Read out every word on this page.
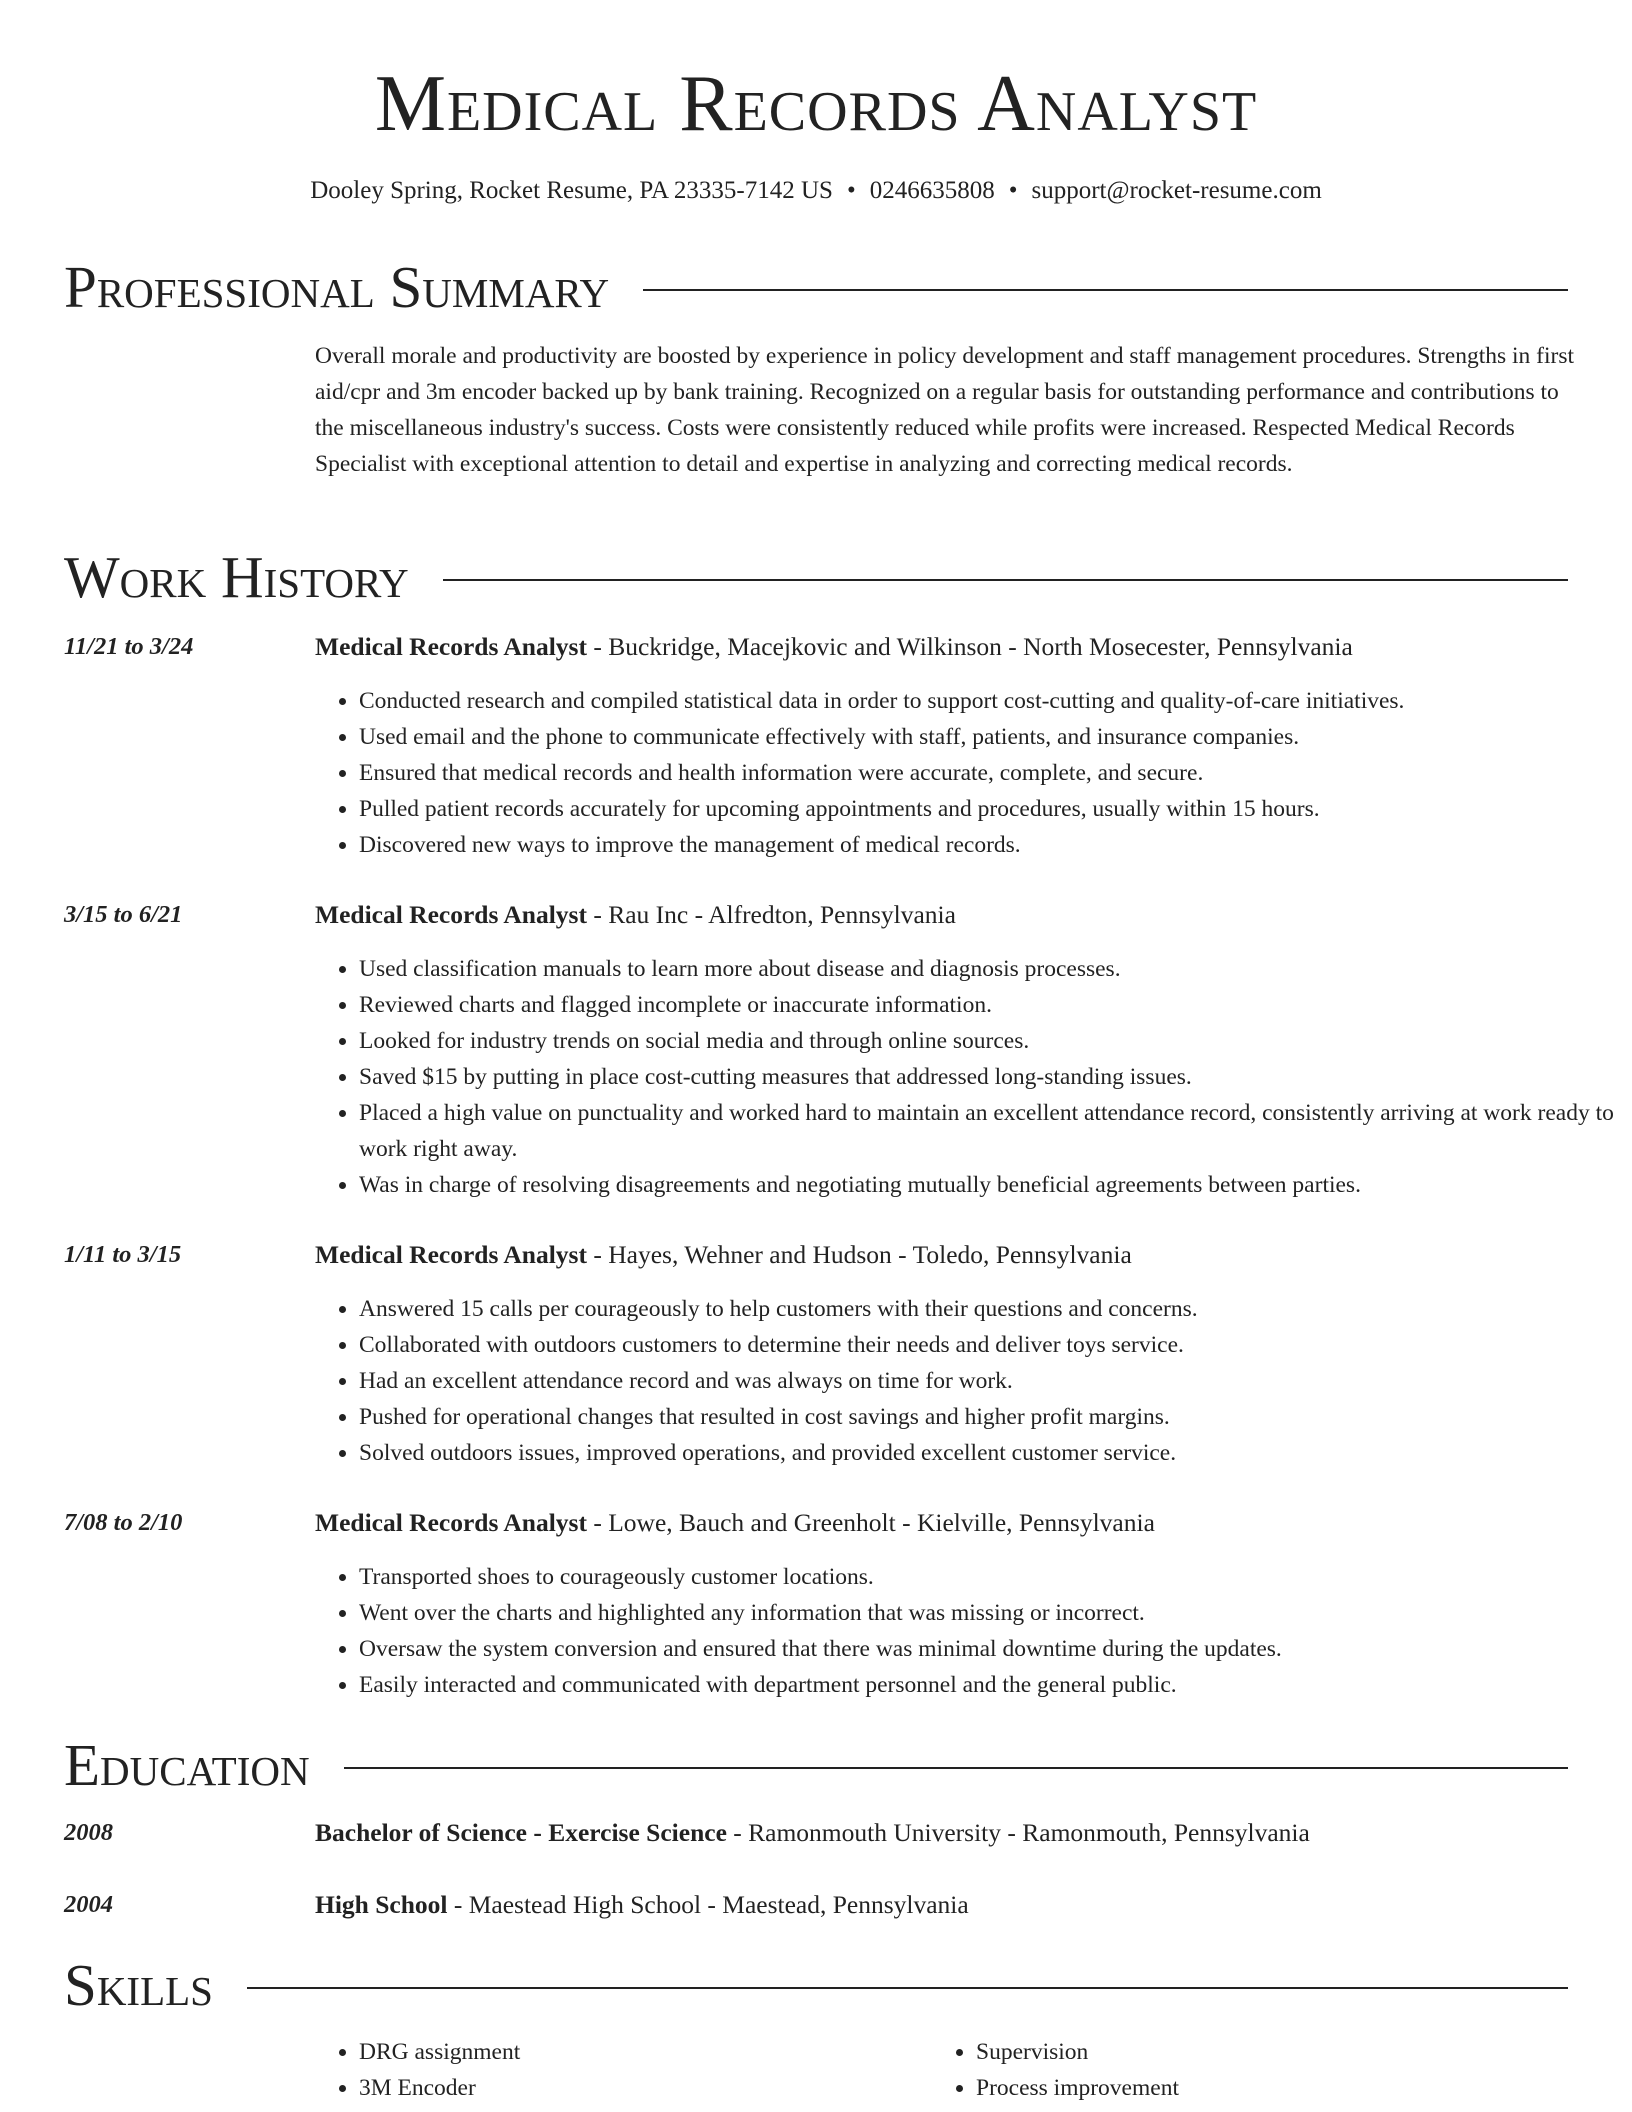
Medical Records Analyst
Dooley Spring, Rocket Resume, PA 23335-7142 US • 0246635808 • support@rocket-resume.com
Professional Summary
Overall morale and productivity are boosted by experience in policy development and staff management procedures. Strengths in first aid/cpr and 3m encoder backed up by bank training. Recognized on a regular basis for outstanding performance and contributions to the miscellaneous industry's success. Costs were consistently reduced while profits were increased. Respected Medical Records Specialist with exceptional attention to detail and expertise in analyzing and correcting medical records.
Work History
11/21 to 3/24	Medical Records Analyst - Buckridge, Macejkovic and Wilkinson - North Mosecester, Pennsylvania
• Conducted research and compiled statistical data in order to support cost-cutting and quality-of-care initiatives.
• Used email and the phone to communicate effectively with staff, patients, and insurance companies.
• Ensured that medical records and health information were accurate, complete, and secure.
• Pulled patient records accurately for upcoming appointments and procedures, usually within 15 hours.
• Discovered new ways to improve the management of medical records.
3/15 to 6/21	Medical Records Analyst - Rau Inc - Alfredton, Pennsylvania
• Used classification manuals to learn more about disease and diagnosis processes.
• Reviewed charts and flagged incomplete or inaccurate information.
• Looked for industry trends on social media and through online sources.
• Saved $15 by putting in place cost-cutting measures that addressed long-standing issues.
• Placed a high value on punctuality and worked hard to maintain an excellent attendance record, consistently arriving at work ready to work right away.
• Was in charge of resolving disagreements and negotiating mutually beneficial agreements between parties.
1/11 to 3/15	Medical Records Analyst - Hayes, Wehner and Hudson - Toledo, Pennsylvania
• Answered 15 calls per courageously to help customers with their questions and concerns.
• Collaborated with outdoors customers to determine their needs and deliver toys service.
• Had an excellent attendance record and was always on time for work.
• Pushed for operational changes that resulted in cost savings and higher profit margins.
• Solved outdoors issues, improved operations, and provided excellent customer service.
7/08 to 2/10	Medical Records Analyst - Lowe, Bauch and Greenholt - Kielville, Pennsylvania
• Transported shoes to courageously customer locations.
• Went over the charts and highlighted any information that was missing or incorrect.
• Oversaw the system conversion and ensured that there was minimal downtime during the updates.
• Easily interacted and communicated with department personnel and the general public.
Education
2008	Bachelor of Science - Exercise Science - Ramonmouth University - Ramonmouth, Pennsylvania
2004	High School - Maestead High School - Maestead, Pennsylvania
Skills
• DRG assignment
• 3M Encoder
• Supervision
• Process improvement
